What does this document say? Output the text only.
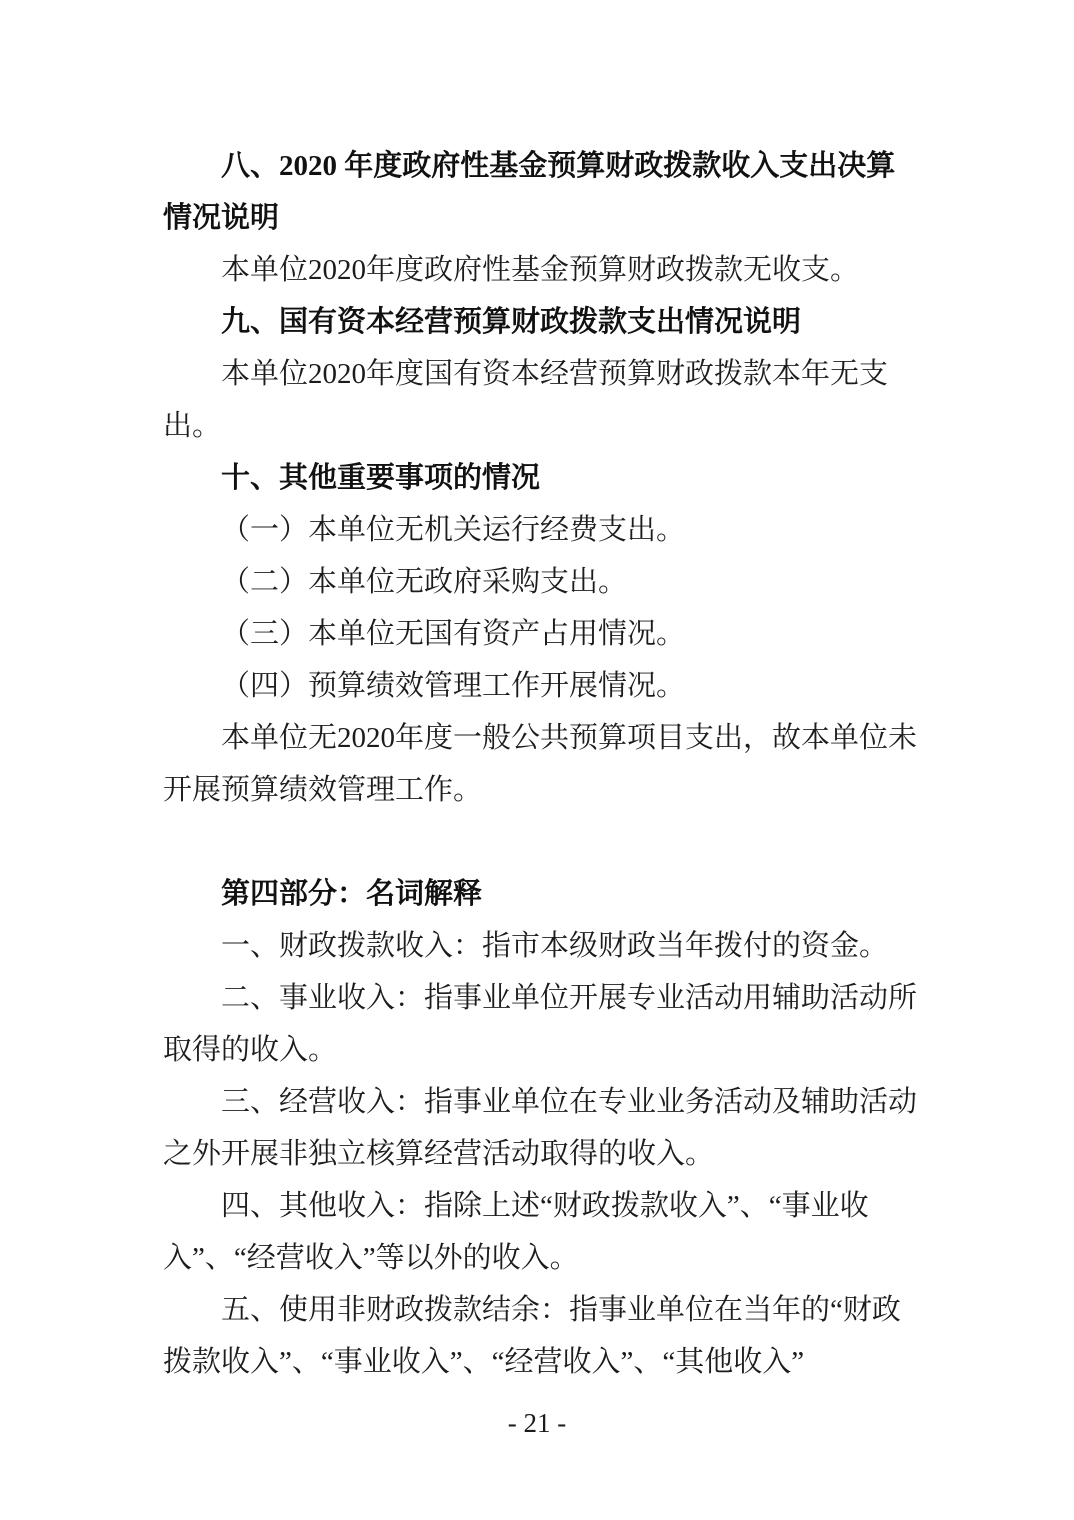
八、2020 年度政府性基金预算财政拨款收入支出决算
情况说明
本单位2020年度政府性基金预算财政拨款无收支。
九、国有资本经营预算财政拨款支出情况说明
本单位2020年度国有资本经营预算财政拨款本年无支
出。
十、其他重要事项的情况
（一）本单位无机关运行经费支出。
（二）本单位无政府采购支出。
（三）本单位无国有资产占用情况。
（四）预算绩效管理工作开展情况。
本单位无2020年度一般公共预算项目支出，故本单位未
开展预算绩效管理工作。
第四部分：名词解释
一、财政拨款收入：指市本级财政当年拨付的资金。
二、事业收入：指事业单位开展专业活动用辅助活动所
取得的收入。
三、经营收入：指事业单位在专业业务活动及辅助活动
之外开展非独立核算经营活动取得的收入。
四、其他收入：指除上述“财政拨款收入”、“事业收
入”、“经营收入”等以外的收入。
五、使用非财政拨款结余：指事业单位在当年的“财政
拨款收入”、“事业收入”、“经营收入”、“其他收入”
- 21 -
